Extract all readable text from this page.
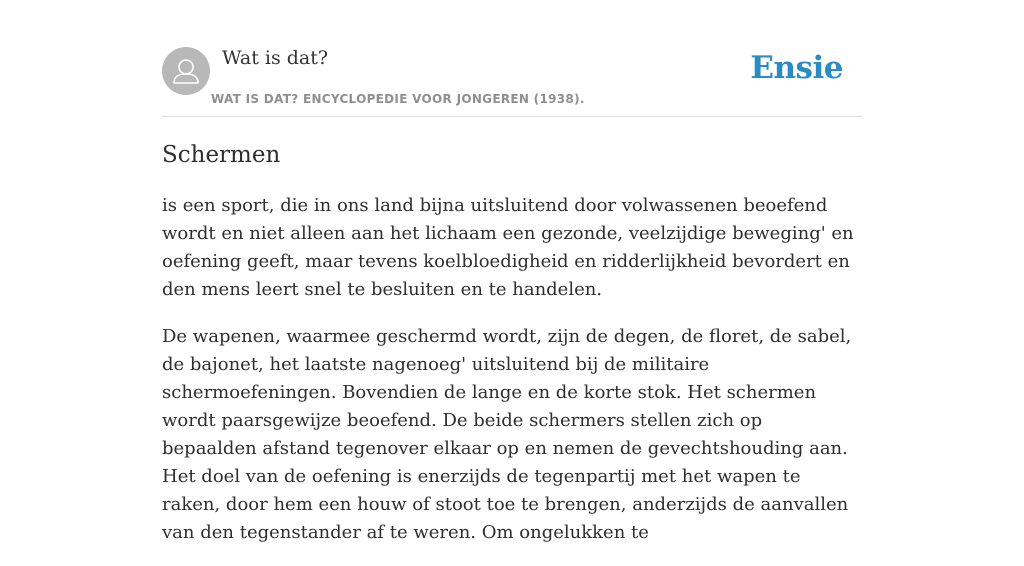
Wat is dat?
WAT IS DAT? ENCYCLOPEDIE VOOR JONGEREN (1938).
Ensie
Schermen

is een sport, die in ons land bijna uitsluitend door volwassenen beoefend wordt en niet alleen aan het lichaam een gezonde, veelzijdige beweging' en oefening geeft, maar tevens koelbloedigheid en ridderlijkheid bevordert en den mens leert snel te besluiten en te handelen.

De wapenen, waarmee geschermd wordt, zijn de degen, de floret, de sabel, de bajonet, het laatste nagenoeg' uitsluitend bij de militaire schermoefeningen. Bovendien de lange en de korte stok. Het schermen wordt paarsgewijze beoefend. De beide schermers stellen zich op bepaalden afstand tegenover elkaar op en nemen de gevechtshouding aan. Het doel van de oefening is enerzijds de tegenpartij met het wapen te raken, door hem een houw of stoot toe te brengen, anderzijds de aanvallen van den tegenstander af te weren. Om ongelukken te
